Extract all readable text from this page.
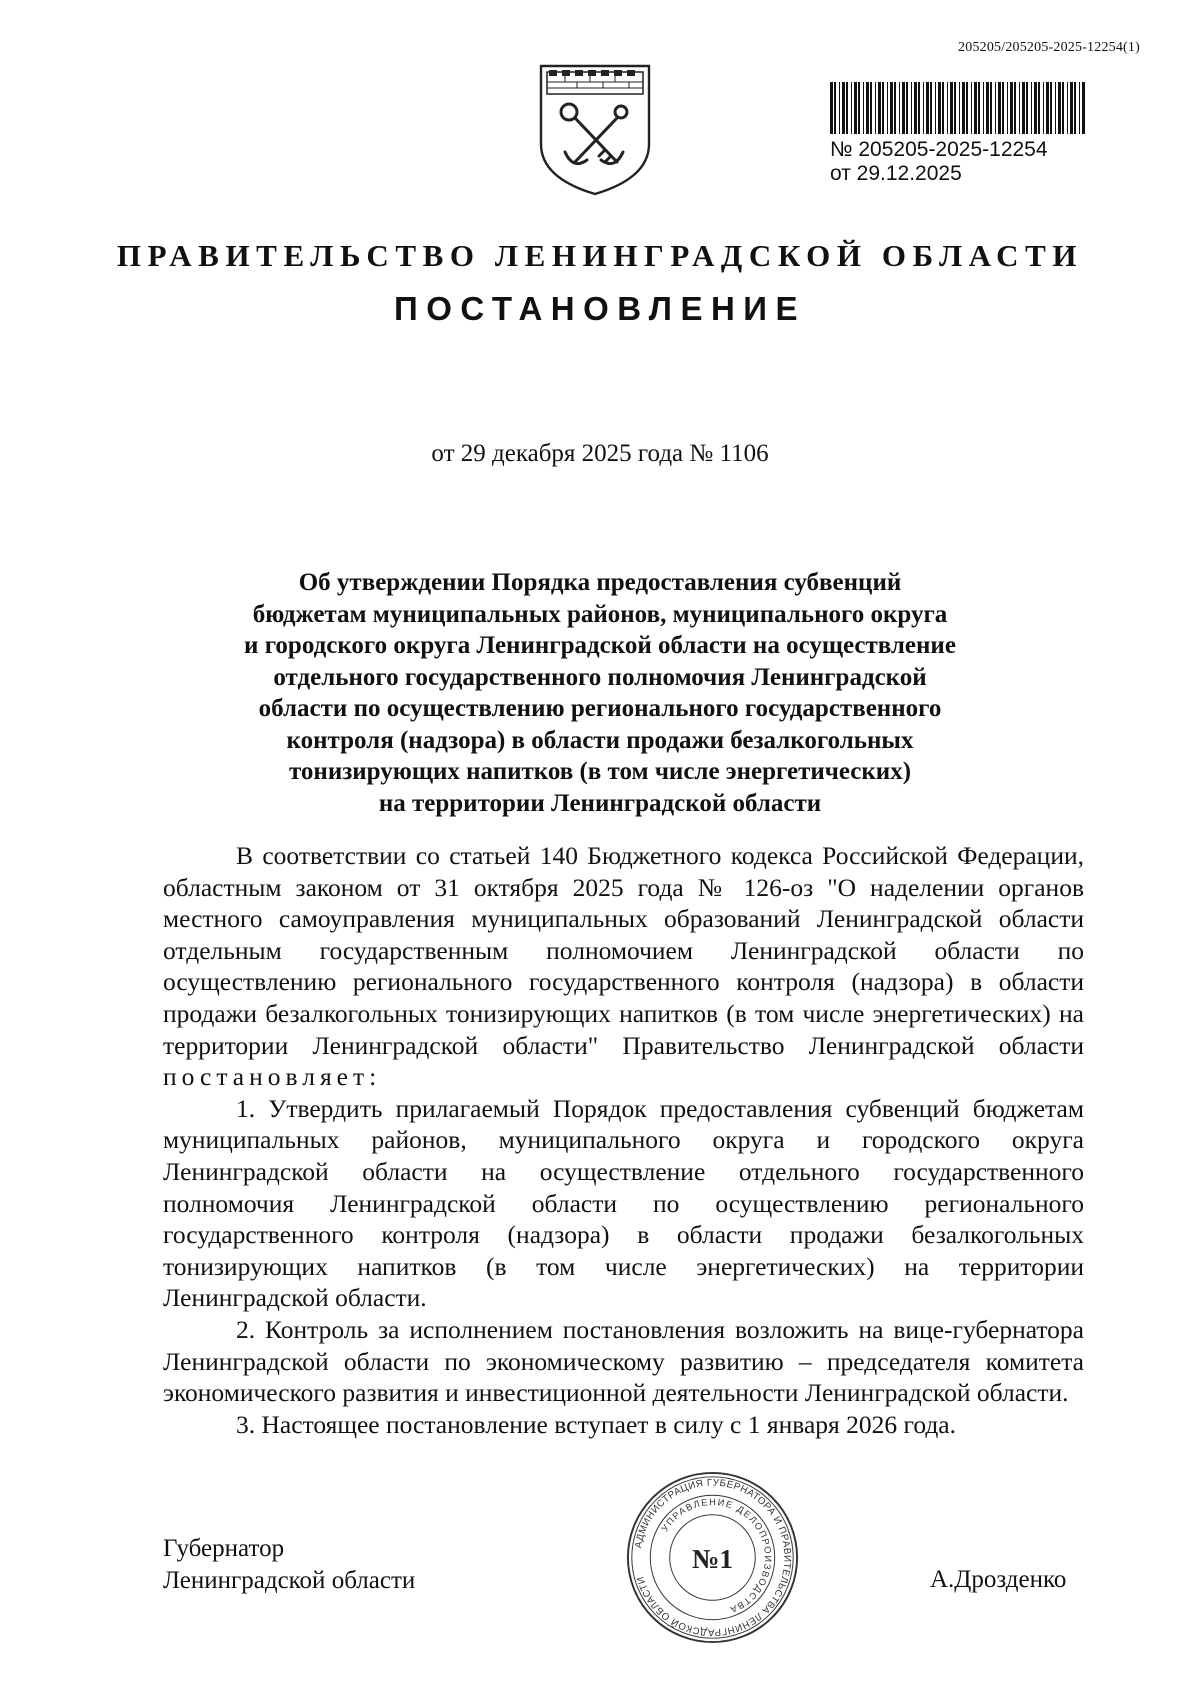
205205/205205-2025-12254(1)
№ 205205-2025-12254
от 29.12.2025
ПРАВИТЕЛЬСТВО ЛЕНИНГРАДСКОЙ ОБЛАСТИ
ПОСТАНОВЛЕНИЕ
от 29 декабря 2025 года № 1106
Об утверждении Порядка предоставления субвенций
бюджетам муниципальных районов, муниципального округа
и городского округа Ленинградской области на осуществление
отдельного государственного полномочия Ленинградской
области по осуществлению регионального государственного
контроля (надзора) в области продажи безалкогольных
тонизирующих напитков (в том числе энергетических)
на территории Ленинградской области

В соответствии со статьей 140 Бюджетного кодекса Российской Федерации, областным законом от 31 октября 2025 года № 126-оз "О наделении органов местного самоуправления муниципальных образований Ленинградской области отдельным государственным полномочием Ленинградской области по осуществлению регионального государственного контроля (надзора) в области продажи безалкогольных тонизирующих напитков (в том числе энергетических) на территории Ленинградской области" Правительство Ленинградской области постановляет:

1. Утвердить прилагаемый Порядок предоставления субвенций бюджетам муниципальных районов, муниципального округа и городского округа Ленинградской области на осуществление отдельного государственного полномочия Ленинградской области по осуществлению регионального государственного контроля (надзора) в области продажи безалкогольных тонизирующих напитков (в том числе энергетических) на территории Ленинградской области.

2. Контроль за исполнением постановления возложить на вице-губернатора Ленинградской области по экономическому развитию – председателя комитета экономического развития и инвестиционной деятельности Ленинградской области.

3. Настоящее постановление вступает в силу с 1 января 2026 года.

Губернатор
Ленинградской области
АДМИНИСТРАЦИЯ ГУБЕРНАТОРА И ПРАВИТЕЛЬСТВА ЛЕНИНГРАДСКОЙ ОБЛАСТИ
УПРАВЛЕНИЕ ДЕЛОПРОИЗВОДСТВА
№1
А.Дрозденко
